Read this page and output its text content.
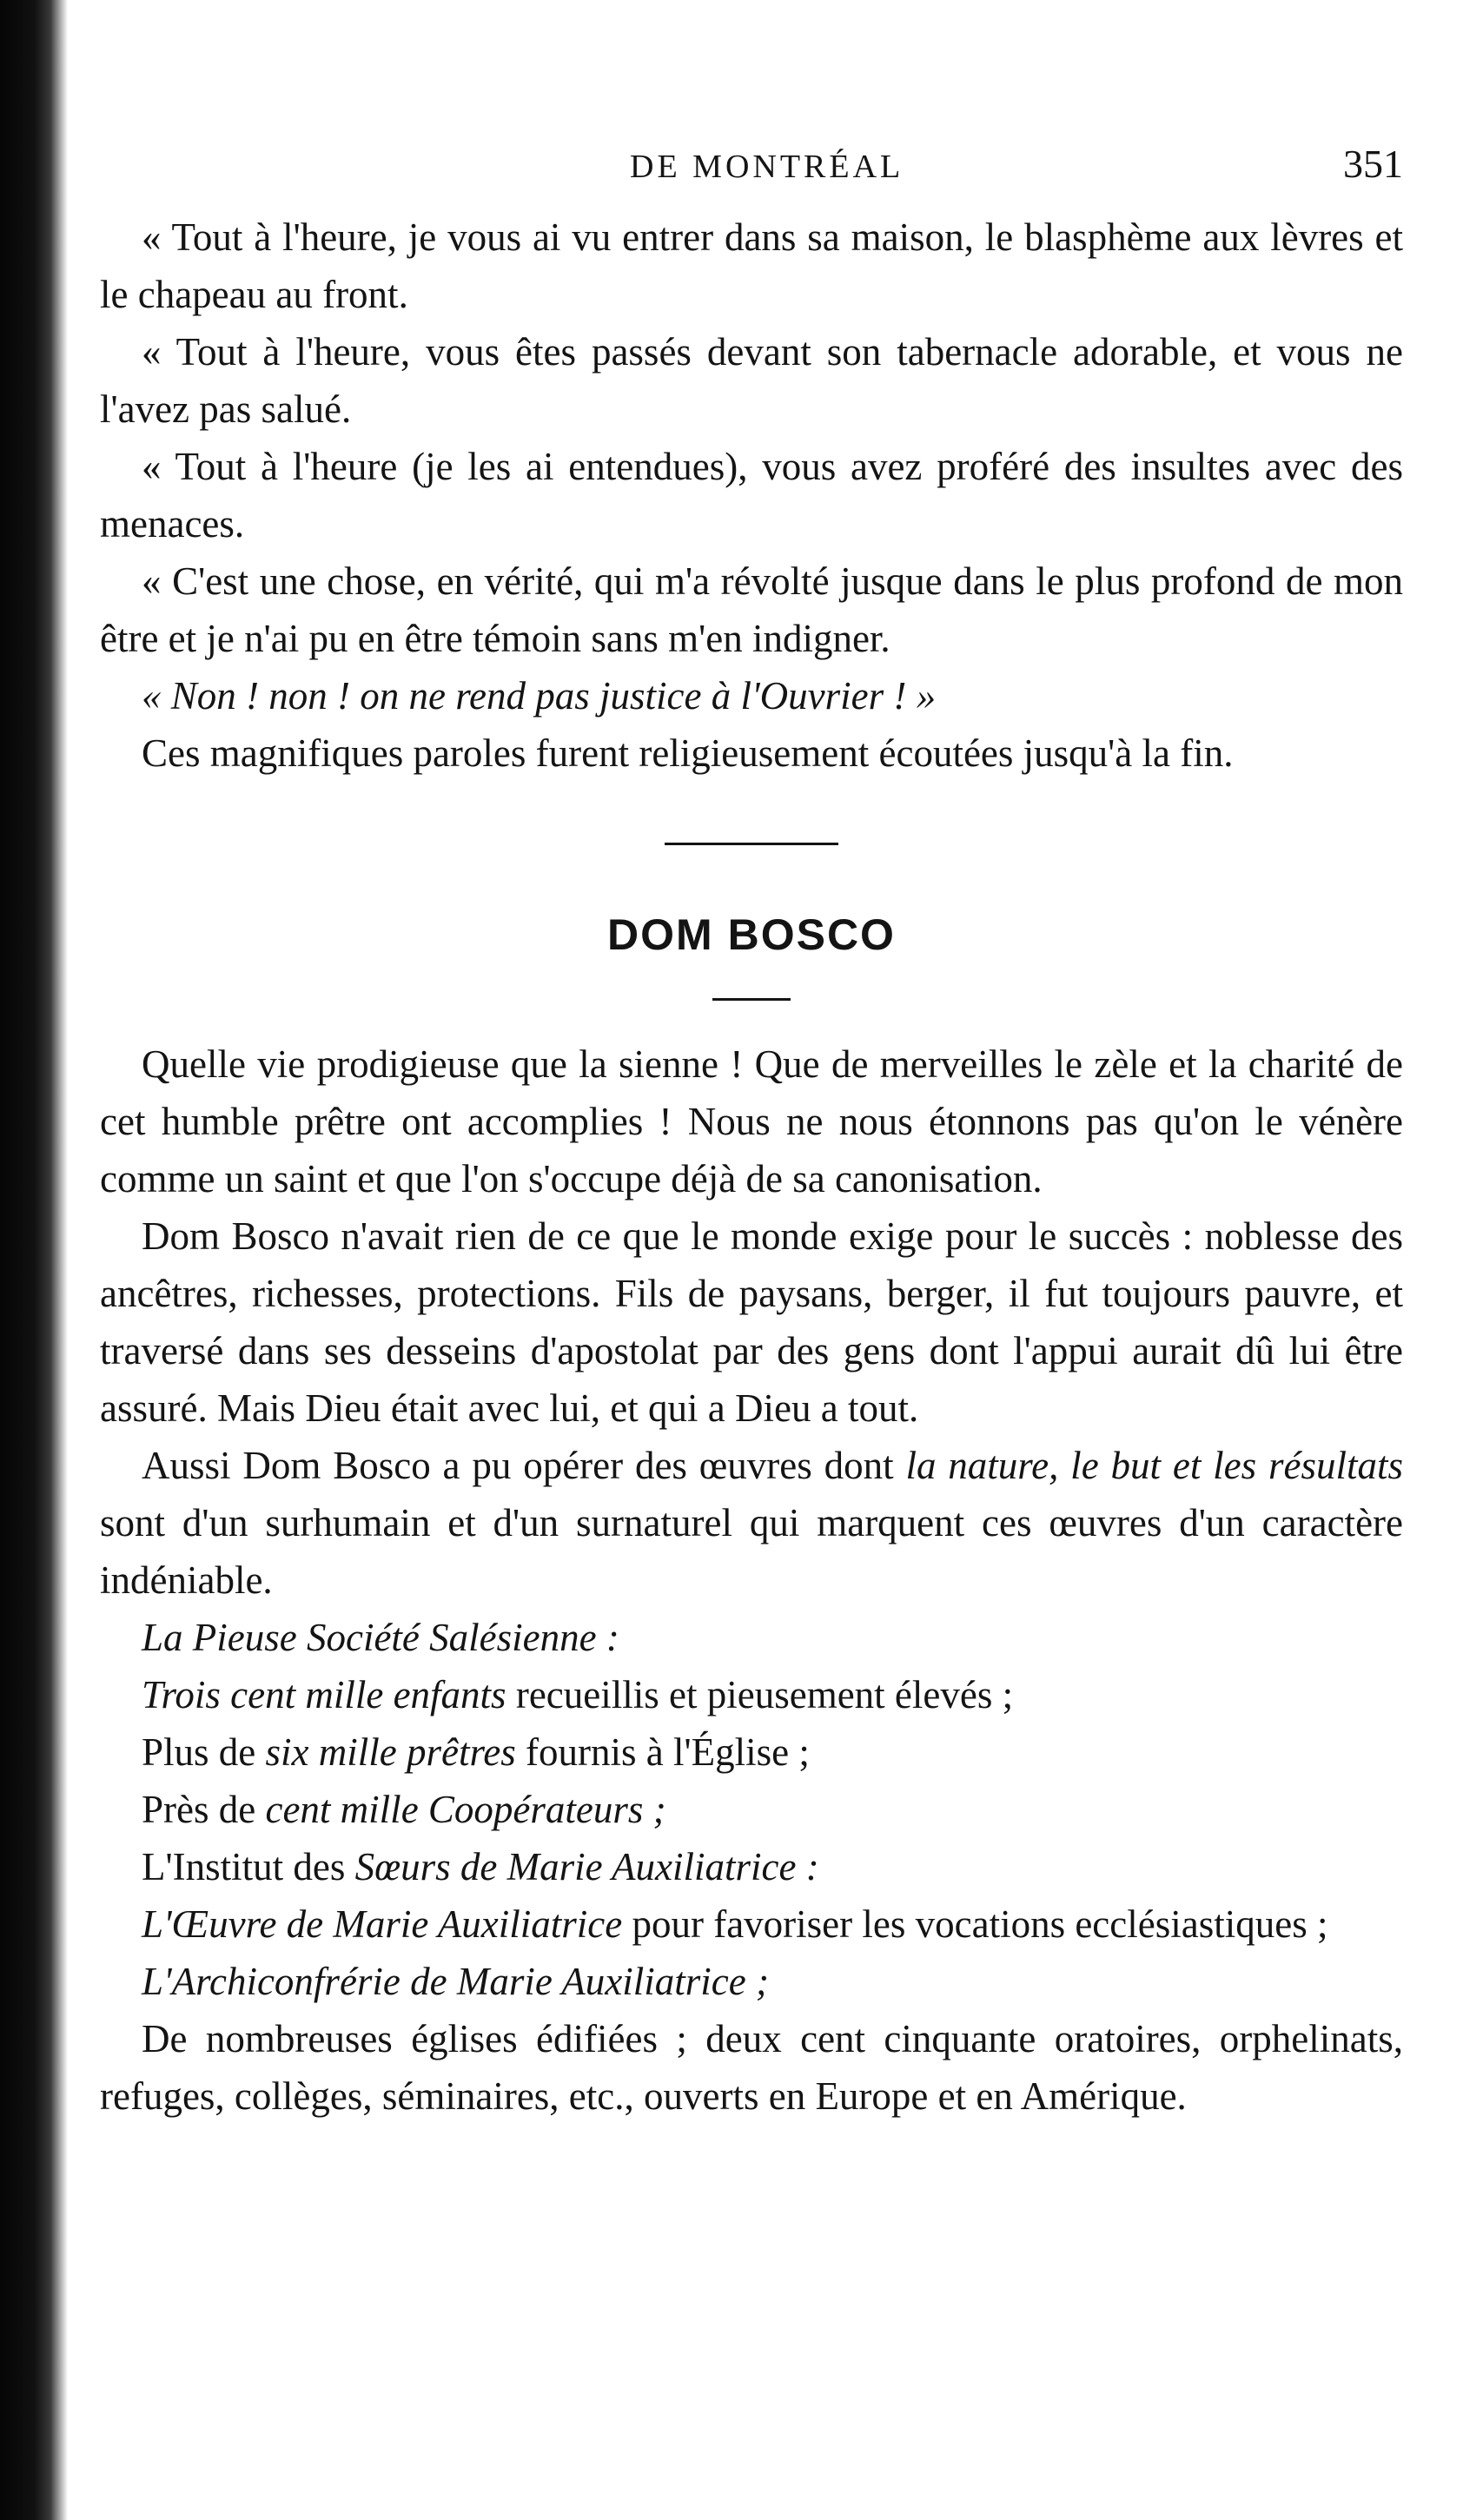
DE MONTRÉAL	351

« Tout à l'heure, je vous ai vu entrer dans sa maison, le blasphème aux lèvres et le chapeau au front.

« Tout à l'heure, vous êtes passés devant son tabernacle adorable, et vous ne l'avez pas salué.

« Tout à l'heure (je les ai entendues), vous avez proféré des insultes avec des menaces.

« C'est une chose, en vérité, qui m'a révolté jusque dans le plus profond de mon être et je n'ai pu en être témoin sans m'en indigner.

« Non ! non ! on ne rend pas justice à l'Ouvrier ! »

Ces magnifiques paroles furent religieusement écoutées jusqu'à la fin.

DOM BOSCO

Quelle vie prodigieuse que la sienne ! Que de merveilles le zèle et la charité de cet humble prêtre ont accomplies ! Nous ne nous étonnons pas qu'on le vénère comme un saint et que l'on s'occupe déjà de sa canonisation.

Dom Bosco n'avait rien de ce que le monde exige pour le succès : noblesse des ancêtres, richesses, protections. Fils de paysans, berger, il fut toujours pauvre, et traversé dans ses desseins d'apostolat par des gens dont l'appui aurait dû lui être assuré. Mais Dieu était avec lui, et qui a Dieu a tout.

Aussi Dom Bosco a pu opérer des œuvres dont la nature, le but et les résultats sont d'un surhumain et d'un surnaturel qui marquent ces œuvres d'un caractère indéniable.

La Pieuse Société Salésienne :

Trois cent mille enfants recueillis et pieusement élevés ;

Plus de six mille prêtres fournis à l'Église ;

Près de cent mille Coopérateurs ;

L'Institut des Sœurs de Marie Auxiliatrice :

L'Œuvre de Marie Auxiliatrice pour favoriser les vocations ecclésiastiques ;

L'Archiconfrérie de Marie Auxiliatrice ;

De nombreuses églises édifiées ; deux cent cinquante oratoires, orphelinats, refuges, collèges, séminaires, etc., ouverts en Europe et en Amérique.
